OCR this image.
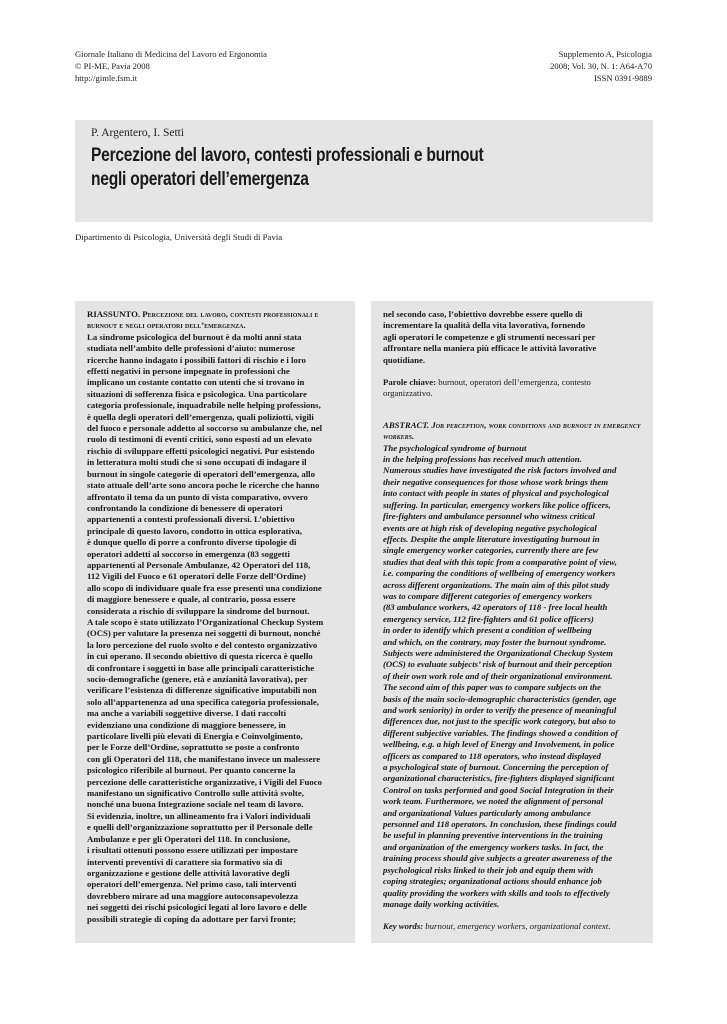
Giornale Italiano di Medicina del Lavoro ed Ergonomia
© PI-ME, Pavia 2008
http://gimle.fsm.it
Supplemento A, Psicologia
2008; Vol. 30, N. 1: A64-A70
ISSN 0391-9889
P. Argentero, I. Setti
Percezione del lavoro, contesti professionali e burnout
negli operatori dell’emergenza
Dipartimento di Psicologia, Università degli Studi di Pavia
RIASSUNTO. Percezione del lavoro, contesti professionali e burnout e negli operatori dell’emergenza.
La sindrome psicologica del burnout è da molti anni stata
studiata nell’ambito delle professioni d’aiuto: numerose
ricerche hanno indagato i possibili fattori di rischio e i loro
effetti negativi in persone impegnate in professioni che
implicano un costante contatto con utenti che si trovano in
situazioni di sofferenza fisica e psicologica. Una particolare
categoria professionale, inquadrabile nelle helping professions,
è quella degli operatori dell’emergenza, quali poliziotti, vigili
del fuoco e personale addetto al soccorso su ambulanze che, nel
ruolo di testimoni di eventi critici, sono esposti ad un elevato
rischio di sviluppare effetti psicologici negativi. Pur esistendo
in letteratura molti studi che si sono occupati di indagare il
burnout in singole categorie di operatori dell’emergenza, allo
stato attuale dell’arte sono ancora poche le ricerche che hanno
affrontato il tema da un punto di vista comparativo, ovvero
confrontando la condizione di benessere di operatori
appartenenti a contesti professionali diversi. L’obiettivo
principale di questo lavoro, condotto in ottica esplorativa,
è dunque quello di porre a confronto diverse tipologie di
operatori addetti al soccorso in emergenza (83 soggetti
appartenenti al Personale Ambulanze, 42 Operatori del 118,
112 Vigili del Fuoco e 61 operatori delle Forze dell’Ordine)
allo scopo di individuare quale fra esse presenti una condizione
di maggiore benessere e quale, al contrario, possa essere
considerata a rischio di sviluppare la sindrome del burnout.
A tale scopo è stato utilizzato l’Organizational Checkup System
(OCS) per valutare la presenza nei soggetti di burnout, nonché
la loro percezione del ruolo svolto e del contesto organizzativo
in cui operano. Il secondo obiettivo di questa ricerca è quello
di confrontare i soggetti in base alle principali caratteristiche
socio-demografiche (genere, età e anzianità lavorativa), per
verificare l’esistenza di differenze significative imputabili non
solo all’appartenenza ad una specifica categoria professionale,
ma anche a variabili soggettive diverse. I dati raccolti
evidenziano una condizione di maggiore benessere, in
particolare livelli più elevati di Energia e Coinvolgimento,
per le Forze dell’Ordine, soprattutto se poste a confronto
con gli Operatori del 118, che manifestano invece un malessere
psicologico riferibile al burnout. Per quanto concerne la
percezione delle caratteristiche organizzative, i Vigili del Fuoco
manifestano un significativo Controllo sulle attività svolte,
nonché una buona Integrazione sociale nel team di lavoro.
Si evidenzia, inoltre, un allineamento fra i Valori individuali
e quelli dell’organizzazione soprattutto per il Personale delle
Ambulanze e per gli Operatori del 118. In conclusione,
i risultati ottenuti possono essere utilizzati per impostare
interventi preventivi di carattere sia formativo sia di
organizzazione e gestione delle attività lavorative degli
operatori dell’emergenza. Nel primo caso, tali interventi
dovrebbero mirare ad una maggiore autoconsapevolezza
nei soggetti dei rischi psicologici legati al loro lavoro e delle
possibili strategie di coping da adottare per farvi fronte;
nel secondo caso, l’obiettivo dovrebbe essere quello di
incrementare la qualità della vita lavorativa, fornendo
agli operatori le competenze e gli strumenti necessari per
affrontare nella maniera più efficace le attività lavorative
quotidiane.
Parole chiave: burnout, operatori dell’emergenza, contesto
organizzativo.
ABSTRACT. Job perception, work conditions and burnout in emergency workers.
The psychological syndrome of burnout
in the helping professions has received much attention.
Numerous studies have investigated the risk factors involved and
their negative consequences for those whose work brings them
into contact with people in states of physical and psychological
suffering. In particular, emergency workers like police officers,
fire-fighters and ambulance personnel who witness critical
events are at high risk of developing negative psychological
effects. Despite the ample literature investigating burnout in
single emergency worker categories, currently there are few
studies that deal with this topic from a comparative point of view,
i.e. comparing the conditions of wellbeing of emergency workers
across different organizations. The main aim of this pilot study
was to compare different categories of emergency workers
(83 ambulance workers, 42 operators of 118 - free local health
emergency service, 112 fire-fighters and 61 police officers)
in order to identify which present a condition of wellbeing
and which, on the contrary, may foster the burnout syndrome.
Subjects were administered the Organizational Checkup System
(OCS) to evaluate subjects’ risk of burnout and their perception
of their own work role and of their organizational environment.
The second aim of this paper was to compare subjects on the
basis of the main socio-demographic characteristics (gender, age
and work seniority) in order to verify the presence of meaningful
differences due, not just to the specific work category, but also to
different subjective variables. The findings showed a condition of
wellbeing, e.g. a high level of Energy and Involvement, in police
officers as compared to 118 operators, who instead displayed
a psychological state of burnout. Concerning the perception of
organizational characteristics, fire-fighters displayed significant
Control on tasks performed and good Social Integration in their
work team. Furthermore, we noted the alignment of personal
and organizational Values particularly among ambulance
personnel and 118 operators. In conclusion, these findings could
be useful in planning preventive interventions in the training
and organization of the emergency workers tasks. In fact, the
training process should give subjects a greater awareness of the
psychological risks linked to their job and equip them with
coping strategies; organizational actions should enhance job
quality providing the workers with skills and tools to effectively
manage daily working activities.
Key words: burnout, emergency workers, organizational context.
